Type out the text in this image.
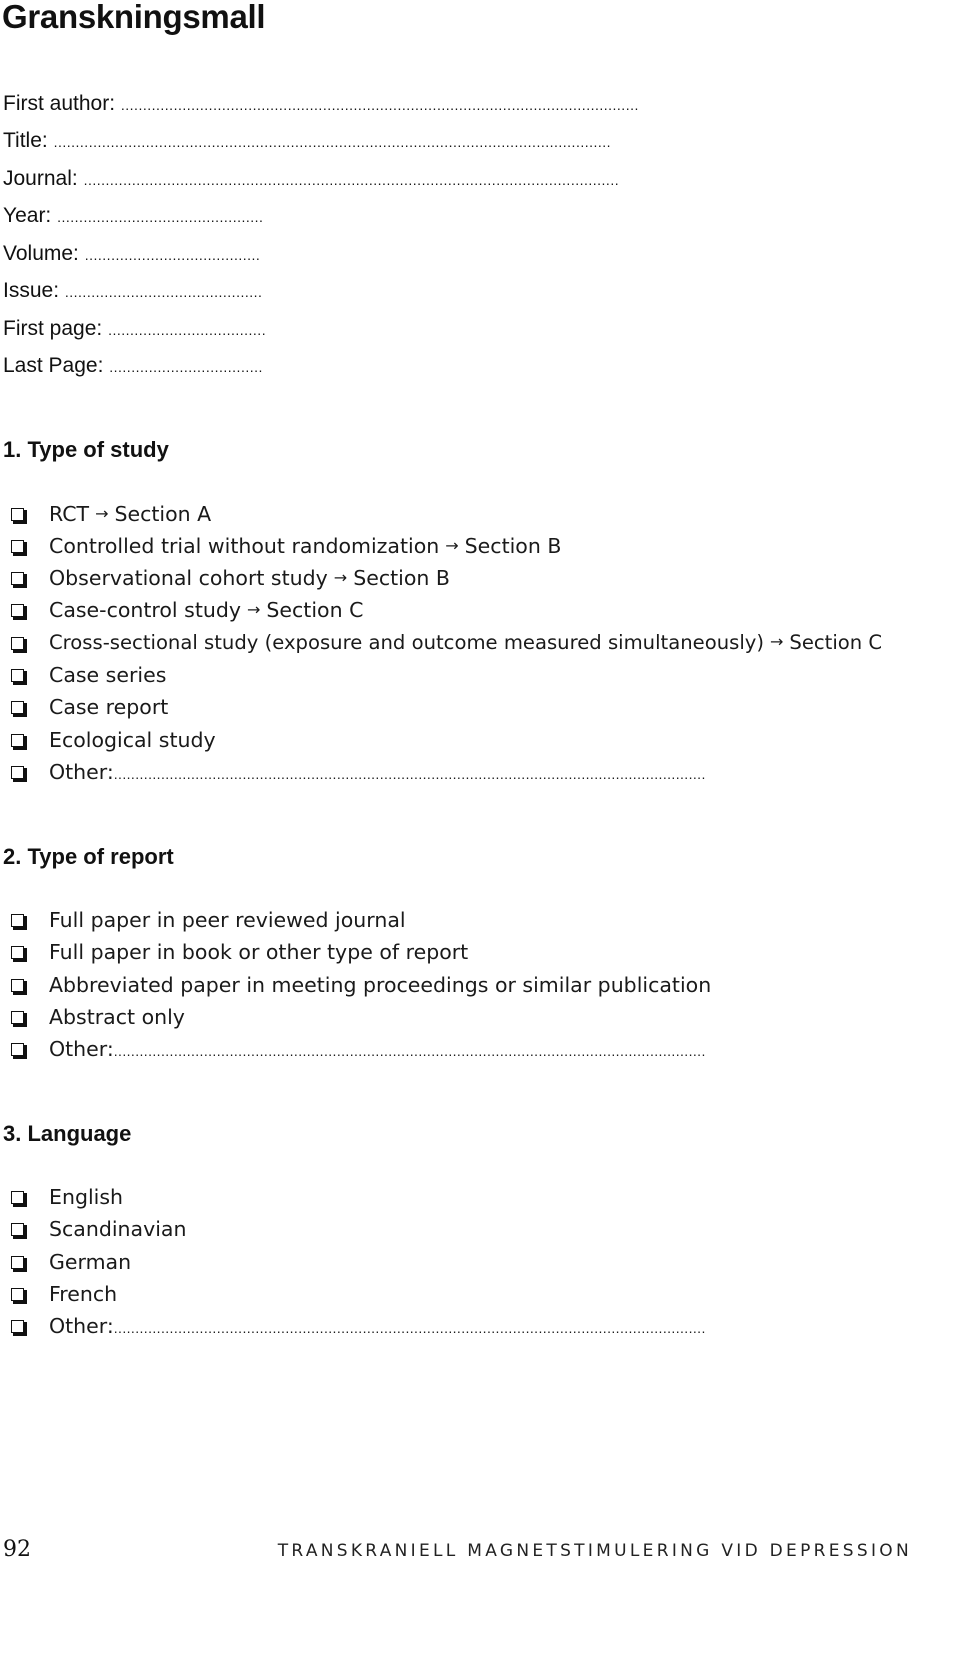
Granskningsmall
First author: ......................................................................................................................
Title: ...............................................................................................................................
Journal: ..........................................................................................................................
Year: ...............................................
Volume: ........................................
Issue: .............................................
First page: ....................................
Last Page: ...................................
1. Type of study
RCT → Section A
Controlled trial without randomization → Section B
Observational cohort study → Section B
Case-control study → Section C
Cross-sectional study (exposure and outcome measured simultaneously) → Section C
Case series
Case report
Ecological study
Other:..........................................................................................................................................
2. Type of report
Full paper in peer reviewed journal
Full paper in book or other type of report
Abbreviated paper in meeting proceedings or similar publication
Abstract only
Other:..........................................................................................................................................
3. Language
English
Scandinavian
German
French
Other:..........................................................................................................................................
92	TRANSKRANIELL MAGNETSTIMULERING VID DEPRESSION
